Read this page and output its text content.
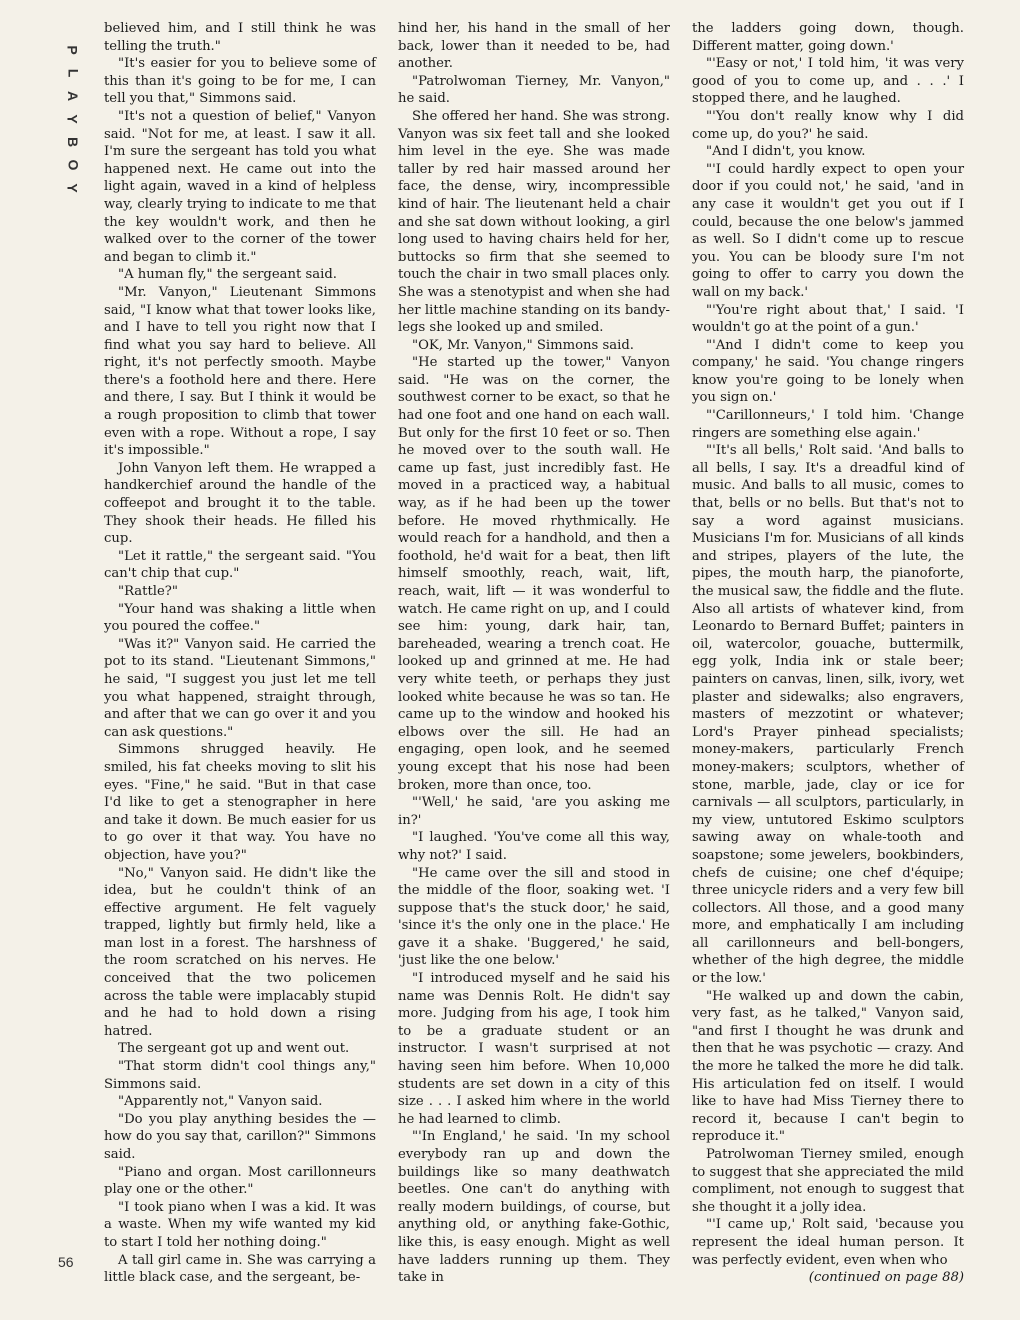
P
L
A
Y
B
O
Y

believed him, and I still think he was telling the truth."

"It's easier for you to believe some of this than it's going to be for me, I can tell you that," Simmons said.

"It's not a question of belief," Vanyon said. "Not for me, at least. I saw it all. I'm sure the sergeant has told you what happened next. He came out into the light again, waved in a kind of helpless way, clearly trying to indicate to me that the key wouldn't work, and then he walked over to the corner of the tower and began to climb it."

"A human fly," the sergeant said.

"Mr. Vanyon," Lieutenant Simmons said, "I know what that tower looks like, and I have to tell you right now that I find what you say hard to believe. All right, it's not perfectly smooth. Maybe there's a foothold here and there. Here and there, I say. But I think it would be a rough proposition to climb that tower even with a rope. Without a rope, I say it's impossible."

John Vanyon left them. He wrapped a handkerchief around the handle of the coffeepot and brought it to the table. They shook their heads. He filled his cup.

"Let it rattle," the sergeant said. "You can't chip that cup."

"Rattle?"

"Your hand was shaking a little when you poured the coffee."

"Was it?" Vanyon said. He carried the pot to its stand. "Lieutenant Simmons," he said, "I suggest you just let me tell you what happened, straight through, and after that we can go over it and you can ask questions."

Simmons shrugged heavily. He smiled, his fat cheeks moving to slit his eyes. "Fine," he said. "But in that case I'd like to get a stenographer in here and take it down. Be much easier for us to go over it that way. You have no objection, have you?"

"No," Vanyon said. He didn't like the idea, but he couldn't think of an effective argument. He felt vaguely trapped, lightly but firmly held, like a man lost in a forest. The harshness of the room scratched on his nerves. He conceived that the two policemen across the table were implacably stupid and he had to hold down a rising hatred.

The sergeant got up and went out.

"That storm didn't cool things any," Simmons said.

"Apparently not," Vanyon said.

"Do you play anything besides the — how do you say that, carillon?" Simmons said.

"Piano and organ. Most carillonneurs play one or the other."

"I took piano when I was a kid. It was a waste. When my wife wanted my kid to start I told her nothing doing."

A tall girl came in. She was carrying a little black case, and the sergeant, be-

hind her, his hand in the small of her back, lower than it needed to be, had another.

"Patrolwoman Tierney, Mr. Vanyon," he said.

She offered her hand. She was strong. Vanyon was six feet tall and she looked him level in the eye. She was made taller by red hair massed around her face, the dense, wiry, incompressible kind of hair. The lieutenant held a chair and she sat down without looking, a girl long used to having chairs held for her, buttocks so firm that she seemed to touch the chair in two small places only. She was a stenotypist and when she had her little machine standing on its bandy-legs she looked up and smiled.

"OK, Mr. Vanyon," Simmons said.

"He started up the tower," Vanyon said. "He was on the corner, the southwest corner to be exact, so that he had one foot and one hand on each wall. But only for the first 10 feet or so. Then he moved over to the south wall. He came up fast, just incredibly fast. He moved in a practiced way, a habitual way, as if he had been up the tower before. He moved rhythmically. He would reach for a handhold, and then a foothold, he'd wait for a beat, then lift himself smoothly, reach, wait, lift, reach, wait, lift — it was wonderful to watch. He came right on up, and I could see him: young, dark hair, tan, bareheaded, wearing a trench coat. He looked up and grinned at me. He had very white teeth, or perhaps they just looked white because he was so tan. He came up to the window and hooked his elbows over the sill. He had an engaging, open look, and he seemed young except that his nose had been broken, more than once, too.

"'Well,' he said, 'are you asking me in?'

"I laughed. 'You've come all this way, why not?' I said.

"He came over the sill and stood in the middle of the floor, soaking wet. 'I suppose that's the stuck door,' he said, 'since it's the only one in the place.' He gave it a shake. 'Buggered,' he said, 'just like the one below.'

"I introduced myself and he said his name was Dennis Rolt. He didn't say more. Judging from his age, I took him to be a graduate student or an instructor. I wasn't surprised at not having seen him before. When 10,000 students are set down in a city of this size . . . I asked him where in the world he had learned to climb.

"'In England,' he said. 'In my school everybody ran up and down the buildings like so many deathwatch beetles. One can't do anything with really modern buildings, of course, but anything old, or anything fake-Gothic, like this, is easy enough. Might as well have ladders running up them. They take in

the ladders going down, though. Different matter, going down.'

"'Easy or not,' I told him, 'it was very good of you to come up, and . . .' I stopped there, and he laughed.

"'You don't really know why I did come up, do you?' he said.

"And I didn't, you know.

"'I could hardly expect to open your door if you could not,' he said, 'and in any case it wouldn't get you out if I could, because the one below's jammed as well. So I didn't come up to rescue you. You can be bloody sure I'm not going to offer to carry you down the wall on my back.'

"'You're right about that,' I said. 'I wouldn't go at the point of a gun.'

"'And I didn't come to keep you company,' he said. 'You change ringers know you're going to be lonely when you sign on.'

"'Carillonneurs,' I told him. 'Change ringers are something else again.'

"'It's all bells,' Rolt said. 'And balls to all bells, I say. It's a dreadful kind of music. And balls to all music, comes to that, bells or no bells. But that's not to say a word against musicians. Musicians I'm for. Musicians of all kinds and stripes, players of the lute, the pipes, the mouth harp, the pianoforte, the musical saw, the fiddle and the flute. Also all artists of whatever kind, from Leonardo to Bernard Buffet; painters in oil, watercolor, gouache, buttermilk, egg yolk, India ink or stale beer; painters on canvas, linen, silk, ivory, wet plaster and sidewalks; also engravers, masters of mezzotint or whatever; Lord's Prayer pinhead specialists; money-makers, particularly French money-makers; sculptors, whether of stone, marble, jade, clay or ice for carnivals — all sculptors, particularly, in my view, untutored Eskimo sculptors sawing away on whale-tooth and soapstone; some jewelers, bookbinders, chefs de cuisine; one chef d'équipe; three unicycle riders and a very few bill collectors. All those, and a good many more, and emphatically I am including all carillonneurs and bell-bongers, whether of the high degree, the middle or the low.'

"He walked up and down the cabin, very fast, as he talked," Vanyon said, "and first I thought he was drunk and then that he was psychotic — crazy. And the more he talked the more he did talk. His articulation fed on itself. I would like to have had Miss Tierney there to record it, because I can't begin to reproduce it."

Patrolwoman Tierney smiled, enough to suggest that she appreciated the mild compliment, not enough to suggest that she thought it a jolly idea.

"'I came up,' Rolt said, 'because you represent the ideal human person. It was perfectly evident, even when who

(continued on page 88)

56
